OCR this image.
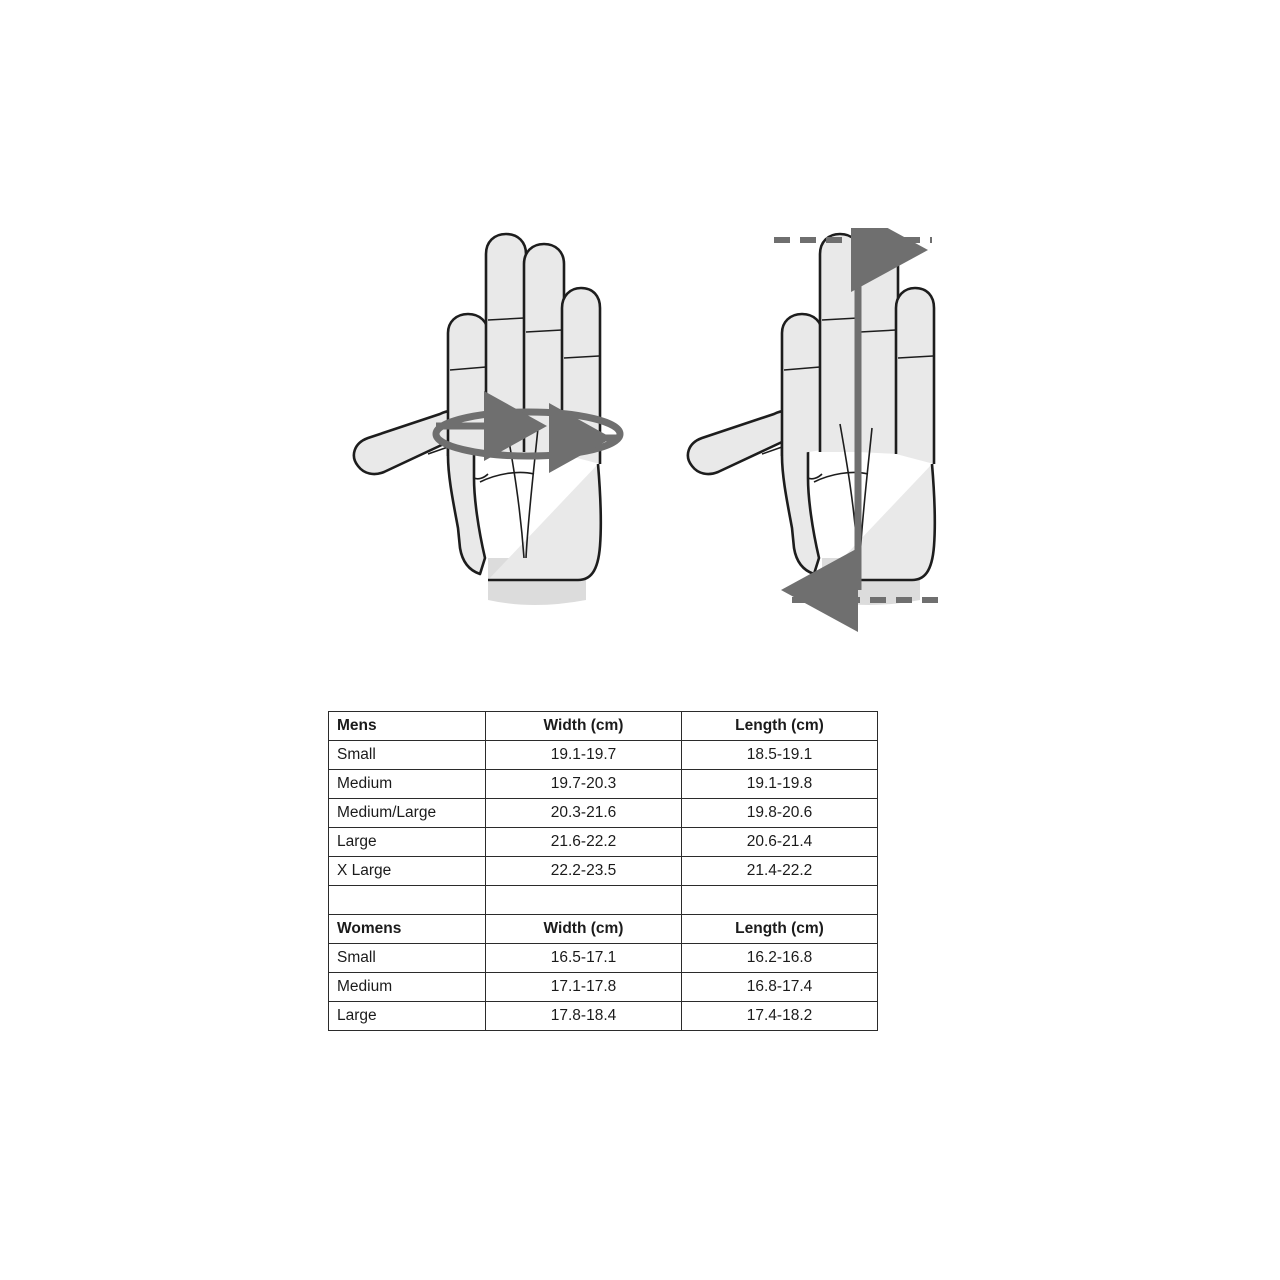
Mens	Width (cm)	Length (cm)
Small	19.1-19.7	18.5-19.1
Medium	19.7-20.3	19.1-19.8
Medium/Large	20.3-21.6	19.8-20.6
Large	21.6-22.2	20.6-21.4
X Large	22.2-23.5	21.4-22.2

Womens	Width (cm)	Length (cm)
Small	16.5-17.1	16.2-16.8
Medium	17.1-17.8	16.8-17.4
Large	17.8-18.4	17.4-18.2
